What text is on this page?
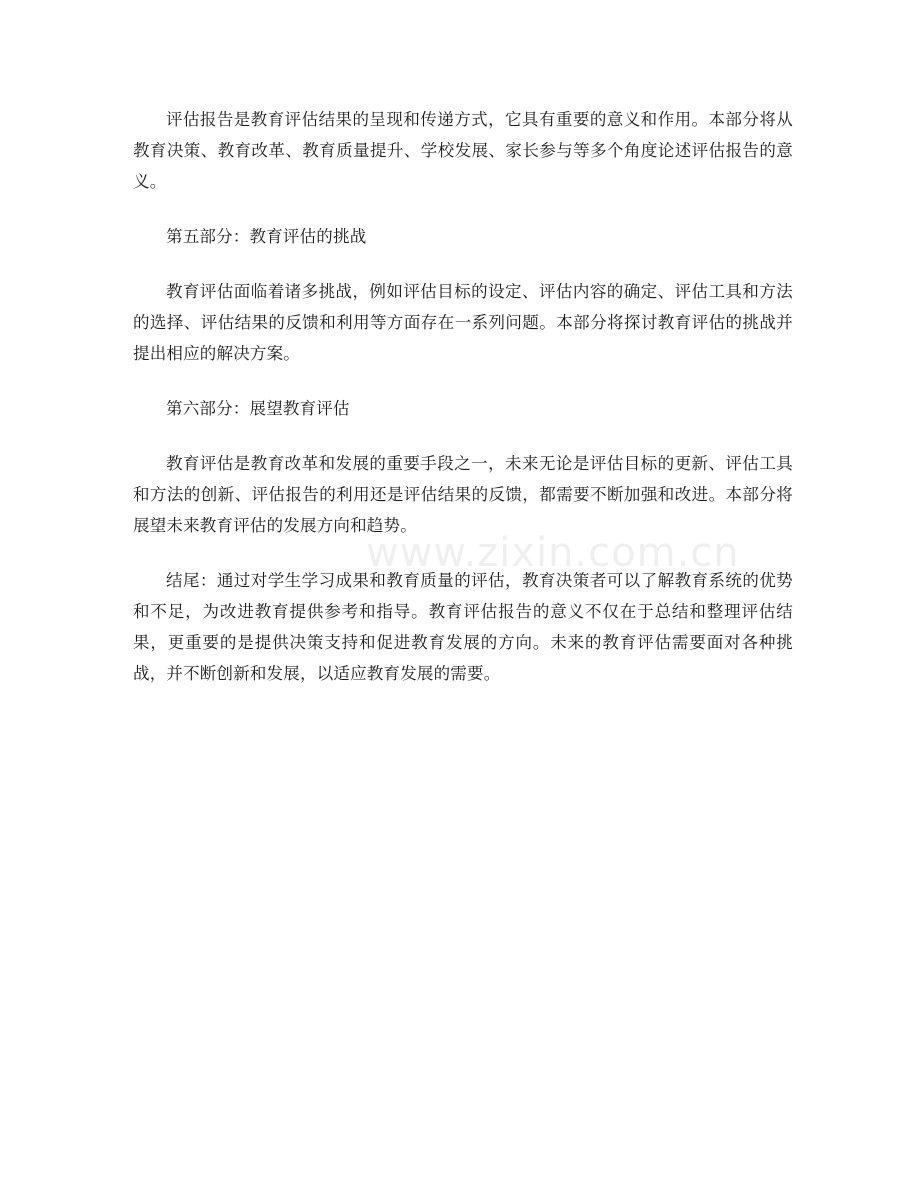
评估报告是教育评估结果的呈现和传递方式，它具有重要的意义和作用。本部分将从教育决策、教育改革、教育质量提升、学校发展、家长参与等多个角度论述评估报告的意义。

第五部分：教育评估的挑战

教育评估面临着诸多挑战，例如评估目标的设定、评估内容的确定、评估工具和方法的选择、评估结果的反馈和利用等方面存在一系列问题。本部分将探讨教育评估的挑战并提出相应的解决方案。

第六部分：展望教育评估

教育评估是教育改革和发展的重要手段之一，未来无论是评估目标的更新、评估工具和方法的创新、评估报告的利用还是评估结果的反馈，都需要不断加强和改进。本部分将展望未来教育评估的发展方向和趋势。

结尾：通过对学生学习成果和教育质量的评估，教育决策者可以了解教育系统的优势和不足，为改进教育提供参考和指导。教育评估报告的意义不仅在于总结和整理评估结果，更重要的是提供决策支持和促进教育发展的方向。未来的教育评估需要面对各种挑战，并不断创新和发展，以适应教育发展的需要。

www.zixin.com.cn
